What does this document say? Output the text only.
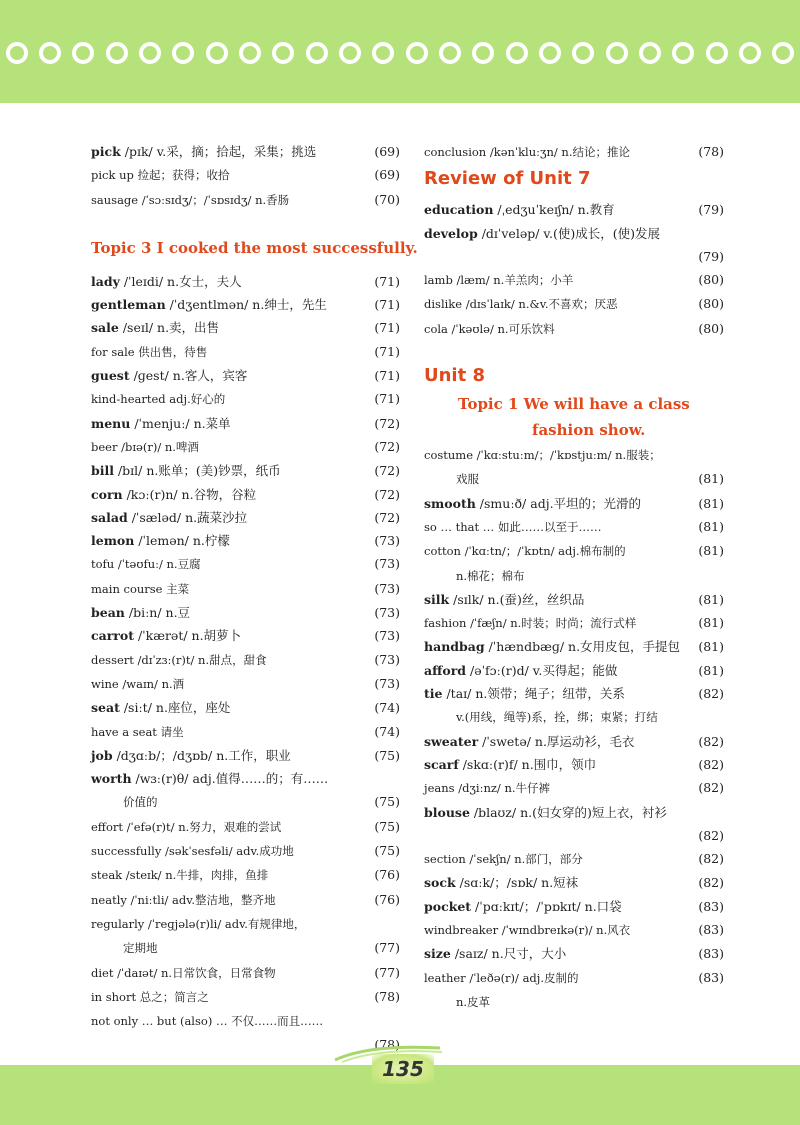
pick /pɪk/ v.采，摘；拾起，采集；挑选	(69)
pick up 捡起；获得；收拾	(69)
sausage /ˈsɔːsɪdʒ/；/ˈsɒsɪdʒ/ n.香肠	(70)
Topic 3 I cooked the most successfully.
lady /ˈleɪdi/ n.女士，夫人	(71)
gentleman /ˈdʒentlmən/ n.绅士，先生	(71)
sale /seɪl/ n.卖，出售	(71)
for sale 供出售，待售	(71)
guest /ɡest/ n.客人，宾客	(71)
kind-hearted adj.好心的	(71)
menu /ˈmenjuː/ n.菜单	(72)
beer /bɪə(r)/ n.啤酒	(72)
bill /bɪl/ n.账单；(美)钞票，纸币	(72)
corn /kɔː(r)n/ n.谷物，谷粒	(72)
salad /ˈsæləd/ n.蔬菜沙拉	(72)
lemon /ˈlemən/ n.柠檬	(73)
tofu /ˈtəʊfuː/ n.豆腐	(73)
main course 主菜	(73)
bean /biːn/ n.豆	(73)
carrot /ˈkærət/ n.胡萝卜	(73)
dessert /dɪˈzɜː(r)t/ n.甜点，甜食	(73)
wine /waɪn/ n.酒	(73)
seat /siːt/ n.座位，座处	(74)
have a seat 请坐	(74)
job /dʒɑːb/；/dʒɒb/ n.工作，职业	(75)
worth /wɜː(r)θ/ adj.值得……的；有……
价值的	(75)
effort /ˈefə(r)t/ n.努力，艰难的尝试	(75)
successfully /səkˈsesfəli/ adv.成功地	(75)
steak /steɪk/ n.牛排，肉排，鱼排	(76)
neatly /ˈniːtli/ adv.整洁地，整齐地	(76)
regularly /ˈreɡjələ(r)li/ adv.有规律地，
定期地	(77)
diet /ˈdaɪət/ n.日常饮食，日常食物	(77)
in short 总之；简言之	(78)
not only … but (also) … 不仅……而且……
(78)
conclusion /kənˈkluːʒn/ n.结论；推论	(78)
Review of Unit 7
education /ˌedʒuˈkeɪʃn/ n.教育	(79)
develop /dɪˈveləp/ v.(使)成长，(使)发展
(79)
lamb /læm/ n.羊羔肉；小羊	(80)
dislike /dɪsˈlaɪk/ n.&v.不喜欢；厌恶	(80)
cola /ˈkəʊlə/ n.可乐饮料	(80)
Unit 8
Topic 1 We will have a class
fashion show.
costume /ˈkɑːstuːm/；/ˈkɒstjuːm/ n.服装；
戏服	(81)
smooth /smuːð/ adj.平坦的；光滑的	(81)
so … that … 如此……以至于……	(81)
cotton /ˈkɑːtn/；/ˈkɒtn/ adj.棉布制的	(81)
n.棉花；棉布
silk /sɪlk/ n.(蚕)丝，丝织品	(81)
fashion /ˈfæʃn/ n.时装；时尚；流行式样	(81)
handbag /ˈhændbæɡ/ n.女用皮包，手提包	(81)
afford /əˈfɔː(r)d/ v.买得起；能做	(81)
tie /taɪ/ n.领带；绳子；纽带，关系	(82)
v.(用线，绳等)系，拴，绑；束紧；打结
sweater /ˈswetə/ n.厚运动衫，毛衣	(82)
scarf /skɑː(r)f/ n.围巾，领巾	(82)
jeans /dʒiːnz/ n.牛仔裤	(82)
blouse /blaʊz/ n.(妇女穿的)短上衣，衬衫
(82)
section /ˈsekʃn/ n.部门，部分	(82)
sock /sɑːk/；/sɒk/ n.短袜	(82)
pocket /ˈpɑːkɪt/；/ˈpɒkɪt/ n.口袋	(83)
windbreaker /ˈwɪndbreɪkə(r)/ n.风衣	(83)
size /saɪz/ n.尺寸，大小	(83)
leather /ˈleðə(r)/ adj.皮制的	(83)
n.皮革
135
